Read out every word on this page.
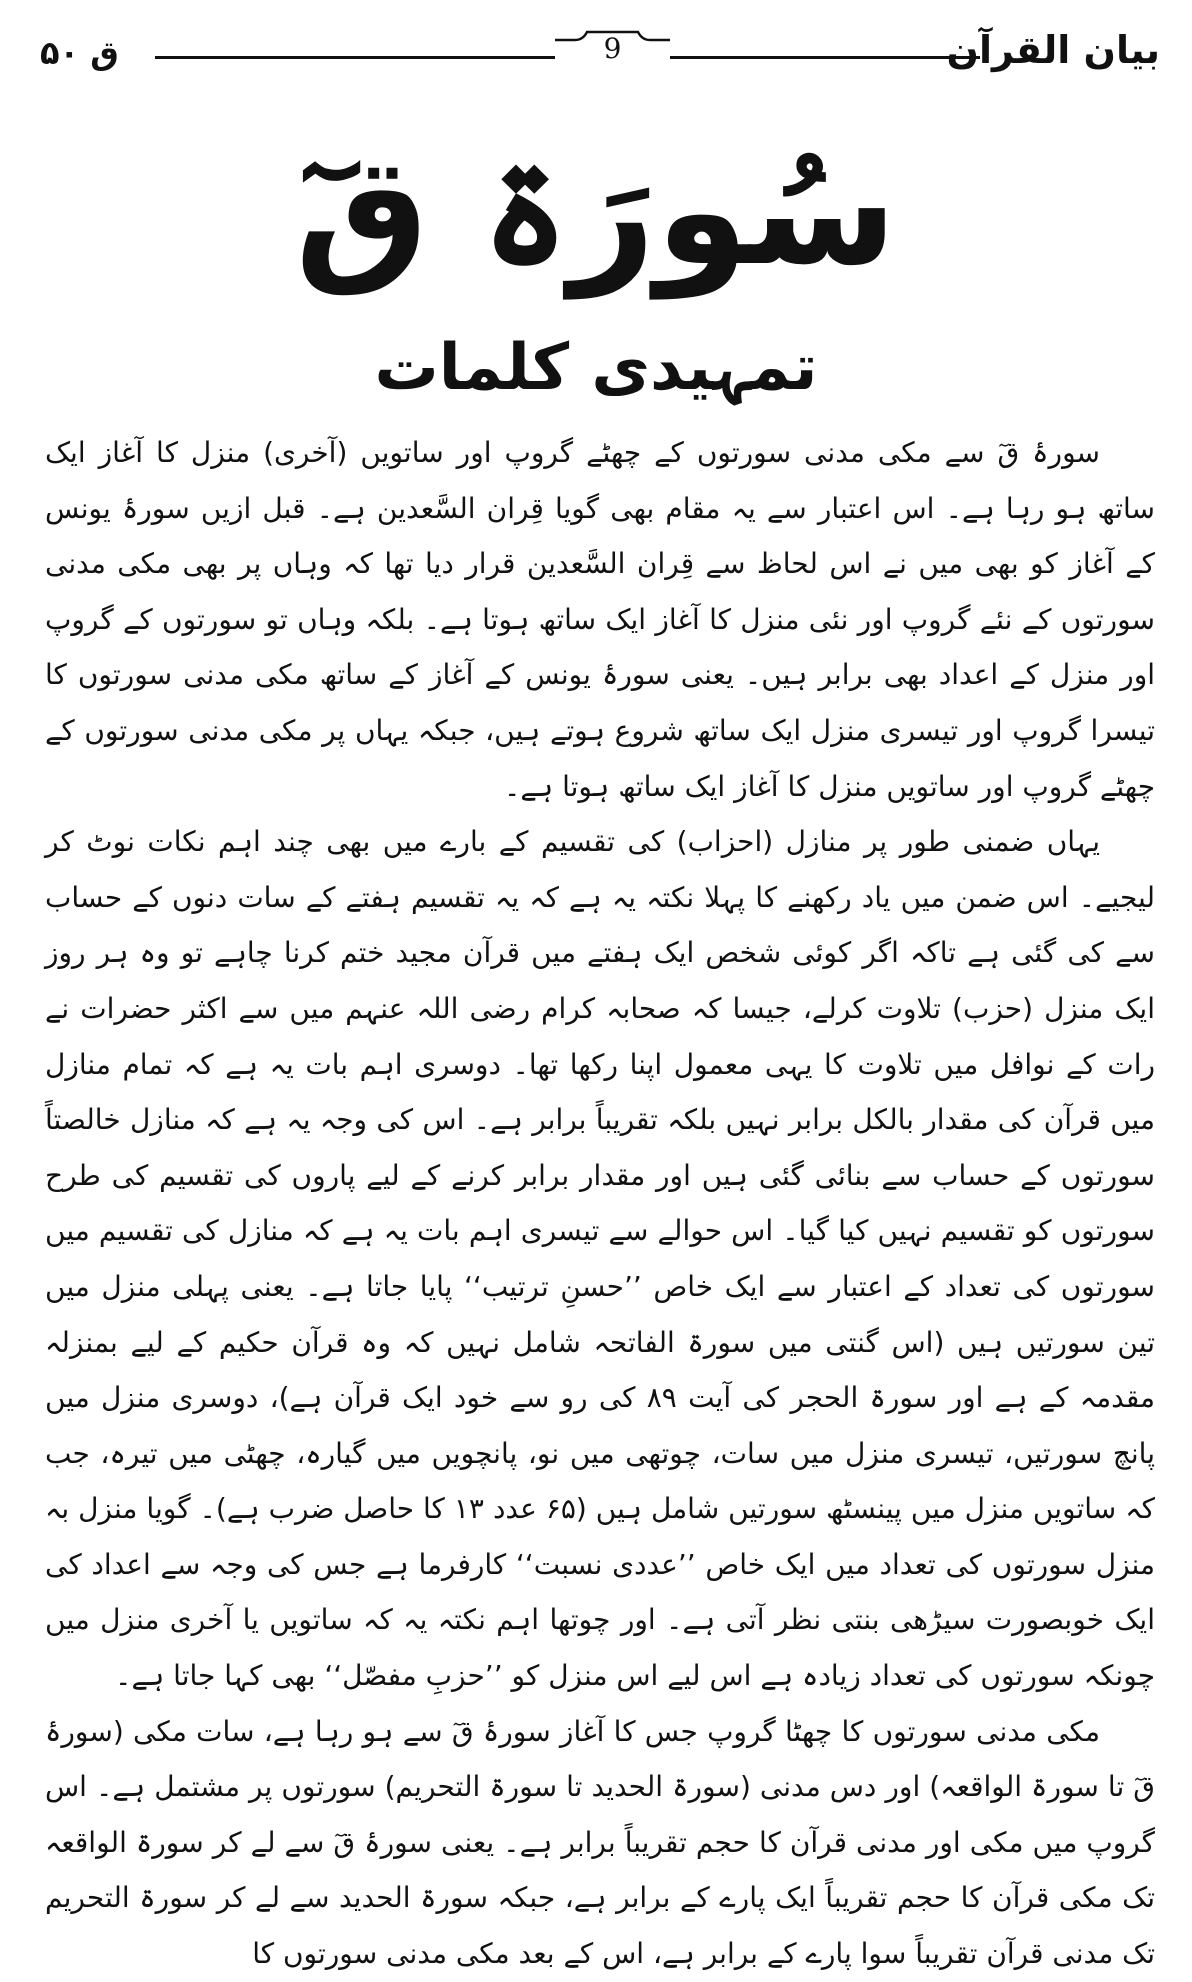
ق ۵۰	9	بیان القرآن
سُورَۃ قٓ
تمہیدی کلمات

سورۂ قٓ سے مکی مدنی سورتوں کے چھٹے گروپ اور ساتویں (آخری) منزل کا آغاز ایک ساتھ ہو رہا ہے۔ اس اعتبار سے یہ مقام بھی گویا قِران السَّعدین ہے۔ قبل ازیں سورۂ یونس کے آغاز کو بھی میں نے اس لحاظ سے قِران السَّعدین قرار دیا تھا کہ وہاں پر بھی مکی مدنی سورتوں کے نئے گروپ اور نئی منزل کا آغاز ایک ساتھ ہوتا ہے۔ بلکہ وہاں تو سورتوں کے گروپ اور منزل کے اعداد بھی برابر ہیں۔ یعنی سورۂ یونس کے آغاز کے ساتھ مکی مدنی سورتوں کا تیسرا گروپ اور تیسری منزل ایک ساتھ شروع ہوتے ہیں، جبکہ یہاں پر مکی مدنی سورتوں کے چھٹے گروپ اور ساتویں منزل کا آغاز ایک ساتھ ہوتا ہے۔

یہاں ضمنی طور پر منازل (احزاب) کی تقسیم کے بارے میں بھی چند اہم نکات نوٹ کر لیجیے۔ اس ضمن میں یاد رکھنے کا پہلا نکتہ یہ ہے کہ یہ تقسیم ہفتے کے سات دنوں کے حساب سے کی گئی ہے تاکہ اگر کوئی شخص ایک ہفتے میں قرآن مجید ختم کرنا چاہے تو وہ ہر روز ایک منزل (حزب) تلاوت کرلے، جیسا کہ صحابہ کرام رضی اللہ عنہم میں سے اکثر حضرات نے رات کے نوافل میں تلاوت کا یہی معمول اپنا رکھا تھا۔ دوسری اہم بات یہ ہے کہ تمام منازل میں قرآن کی مقدار بالکل برابر نہیں بلکہ تقریباً برابر ہے۔ اس کی وجہ یہ ہے کہ منازل خالصتاً سورتوں کے حساب سے بنائی گئی ہیں اور مقدار برابر کرنے کے لیے پاروں کی تقسیم کی طرح سورتوں کو تقسیم نہیں کیا گیا۔ اس حوالے سے تیسری اہم بات یہ ہے کہ منازل کی تقسیم میں سورتوں کی تعداد کے اعتبار سے ایک خاص ’’حسنِ ترتیب‘‘ پایا جاتا ہے۔ یعنی پہلی منزل میں تین سورتیں ہیں (اس گنتی میں سورۃ الفاتحہ شامل نہیں کہ وہ قرآن حکیم کے لیے بمنزلہ مقدمہ کے ہے اور سورۃ الحجر کی آیت ۸۹ کی رو سے خود ایک قرآن ہے)، دوسری منزل میں پانچ سورتیں، تیسری منزل میں سات، چوتھی میں نو، پانچویں میں گیارہ، چھٹی میں تیرہ، جب کہ ساتویں منزل میں پینسٹھ سورتیں شامل ہیں (۶۵ عدد ۱۳ کا حاصل ضرب ہے)۔ گویا منزل بہ منزل سورتوں کی تعداد میں ایک خاص ’’عددی نسبت‘‘ کارفرما ہے جس کی وجہ سے اعداد کی ایک خوبصورت سیڑھی بنتی نظر آتی ہے۔ اور چوتھا اہم نکتہ یہ کہ ساتویں یا آخری منزل میں چونکہ سورتوں کی تعداد زیادہ ہے اس لیے اس منزل کو ’’حزبِ مفصّل‘‘ بھی کہا جاتا ہے۔

مکی مدنی سورتوں کا چھٹا گروپ جس کا آغاز سورۂ قٓ سے ہو رہا ہے، سات مکی (سورۂ قٓ تا سورۃ الواقعہ) اور دس مدنی (سورۃ الحدید تا سورۃ التحریم) سورتوں پر مشتمل ہے۔ اس گروپ میں مکی اور مدنی قرآن کا حجم تقریباً برابر ہے۔ یعنی سورۂ قٓ سے لے کر سورۃ الواقعہ تک مکی قرآن کا حجم تقریباً ایک پارے کے برابر ہے، جبکہ سورۃ الحدید سے لے کر سورۃ التحریم تک مدنی قرآن تقریباً سوا پارے کے برابر ہے، اس کے بعد مکی مدنی سورتوں کا
